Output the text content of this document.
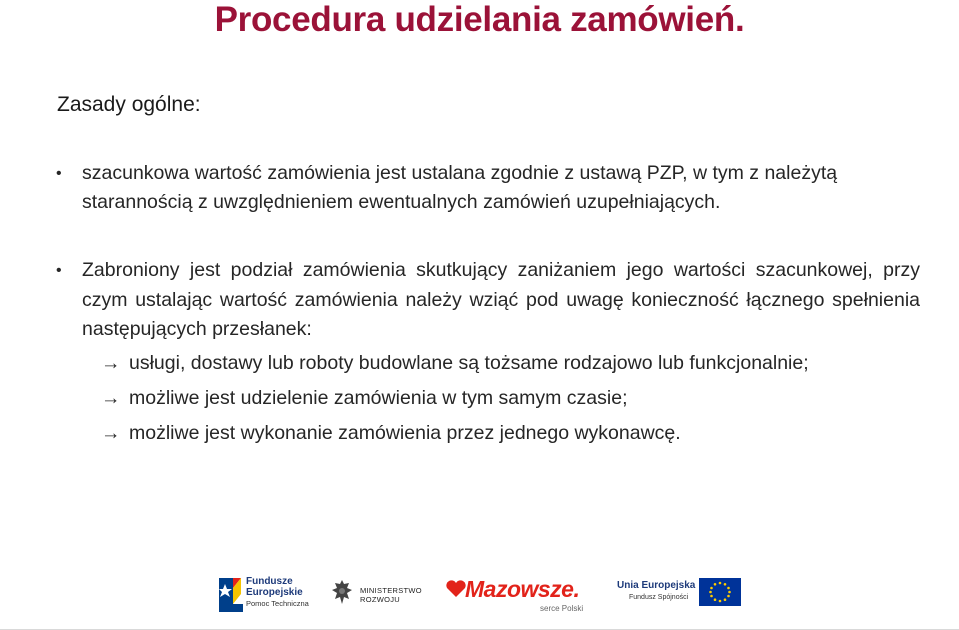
Procedura udzielania zamówień.
Zasady ogólne:
• szacunkowa wartość zamówienia jest ustalana zgodnie z ustawą PZP, w tym z należytą starannością z uwzględnieniem ewentualnych zamówień uzupełniających.
• Zabroniony jest podział zamówienia skutkujący zaniżaniem jego wartości szacunkowej, przy czym ustalając wartość zamówienia należy wziąć pod uwagę konieczność łącznego spełnienia następujących przesłanek:
→ usługi, dostawy lub roboty budowlane są tożsame rodzajowo lub funkcjonalnie;
→ możliwe jest udzielenie zamówienia w tym samym czasie;
→ możliwe jest wykonanie zamówienia przez jednego wykonawcę.
Fundusze
Europejskie
Pomoc Techniczna
MINISTERSTWO
ROZWOJU	Mazowsze.
serce Polski
Unia Europejska
Fundusz Spójności
